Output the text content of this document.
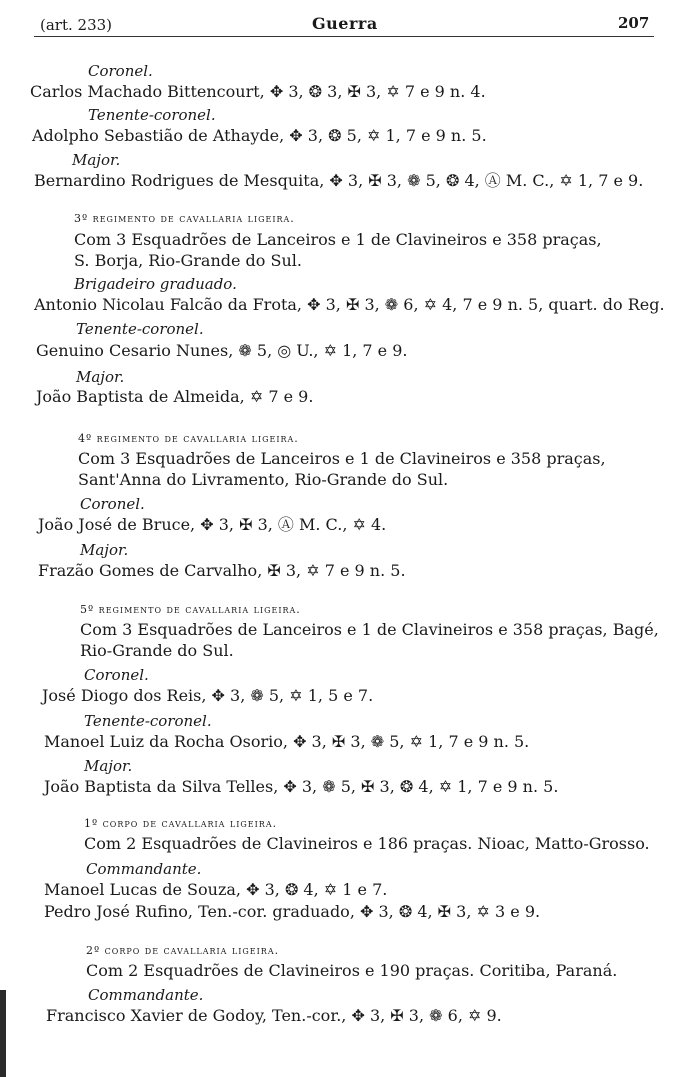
(art. 233)	Guerra	207
Coronel.
Carlos Machado Bittencourt, ✥ 3, ❂ 3, ✠ 3, ✡ 7 e 9 n. 4.
Tenente-coronel.
Adolpho Sebastião de Athayde, ✥ 3, ❂ 5, ✡ 1, 7 e 9 n. 5.
Major.
Bernardino Rodrigues de Mesquita, ✥ 3, ✠ 3, ❁ 5, ❂ 4, Ⓐ M. C., ✡ 1, 7 e 9.
3º regimento de cavallaria ligeira.
Com 3 Esquadrões de Lanceiros e 1 de Clavineiros e 358 praças,
S. Borja, Rio-Grande do Sul.
Brigadeiro graduado.
Antonio Nicolau Falcão da Frota, ✥ 3, ✠ 3, ❁ 6, ✡ 4, 7 e 9 n. 5, quart. do Reg.
Tenente-coronel.
Genuino Cesario Nunes, ❁ 5, ◎ U., ✡ 1, 7 e 9.
Major.
João Baptista de Almeida, ✡ 7 e 9.
4º regimento de cavallaria ligeira.
Com 3 Esquadrões de Lanceiros e 1 de Clavineiros e 358 praças,
Sant'Anna do Livramento, Rio-Grande do Sul.
Coronel.
João José de Bruce, ✥ 3, ✠ 3, Ⓐ M. C., ✡ 4.
Major.
Frazão Gomes de Carvalho, ✠ 3, ✡ 7 e 9 n. 5.
5º regimento de cavallaria ligeira.
Com 3 Esquadrões de Lanceiros e 1 de Clavineiros e 358 praças, Bagé,
Rio-Grande do Sul.
Coronel.
José Diogo dos Reis, ✥ 3, ❁ 5, ✡ 1, 5 e 7.
Tenente-coronel.
Manoel Luiz da Rocha Osorio, ✥ 3, ✠ 3, ❁ 5, ✡ 1, 7 e 9 n. 5.
Major.
João Baptista da Silva Telles, ✥ 3, ❁ 5, ✠ 3, ❂ 4, ✡ 1, 7 e 9 n. 5.
1º corpo de cavallaria ligeira.
Com 2 Esquadrões de Clavineiros e 186 praças. Nioac, Matto-Grosso.
Commandante.
Manoel Lucas de Souza, ✥ 3, ❂ 4, ✡ 1 e 7.
Pedro José Rufino, Ten.-cor. graduado, ✥ 3, ❂ 4, ✠ 3, ✡ 3 e 9.
2º corpo de cavallaria ligeira.
Com 2 Esquadrões de Clavineiros e 190 praças. Coritiba, Paraná.
Commandante.
Francisco Xavier de Godoy, Ten.-cor., ✥ 3, ✠ 3, ❁ 6, ✡ 9.
